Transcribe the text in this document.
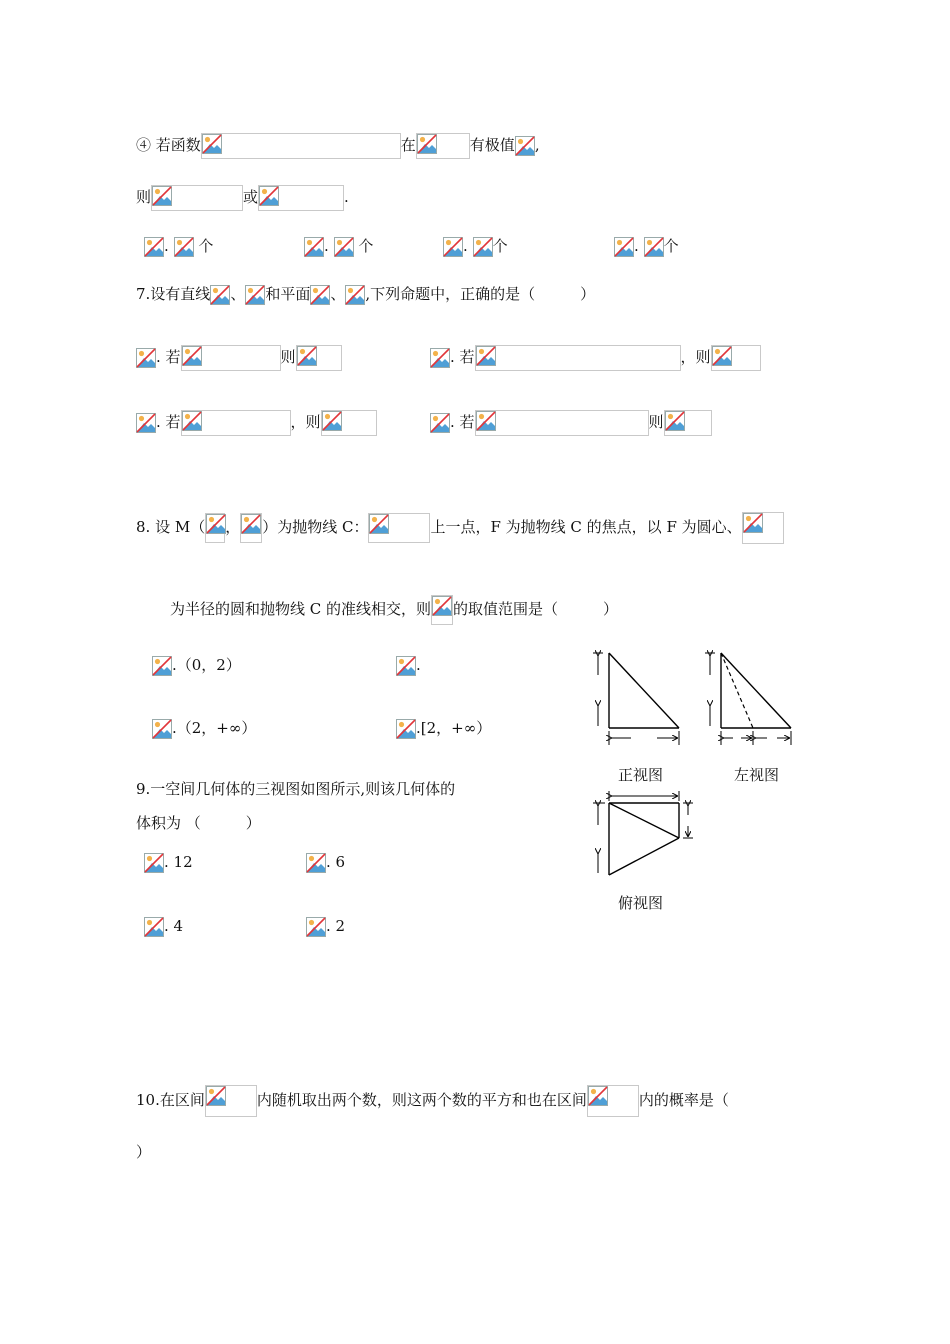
④ 若函数	在	有极值 ,
则	或	.
. 个	. 个	. 个	. 个
7.设有直线 、 和平面 、 ,下列命题中，正确的是（　　　）
. 若	则	. 若	，则
. 若	，则	. 若	则
8. 设 M（ ， ）为抛物线 C：	上一点，F 为抛物线 C 的焦点，以 F 为圆心、
为半径的圆和抛物线 C 的准线相交，则 的取值范围是（　　　）
.（0，2）	.
.（2，+∞）	.[2，+∞）
正视图	左视图
俯视图
9.一空间几何体的三视图如图所示,则该几何体的
体积为 （　　　）
. 12	. 6
. 4	. 2
10.在区间	内随机取出两个数，则这两个数的平方和也在区间	内的概率是（
）
